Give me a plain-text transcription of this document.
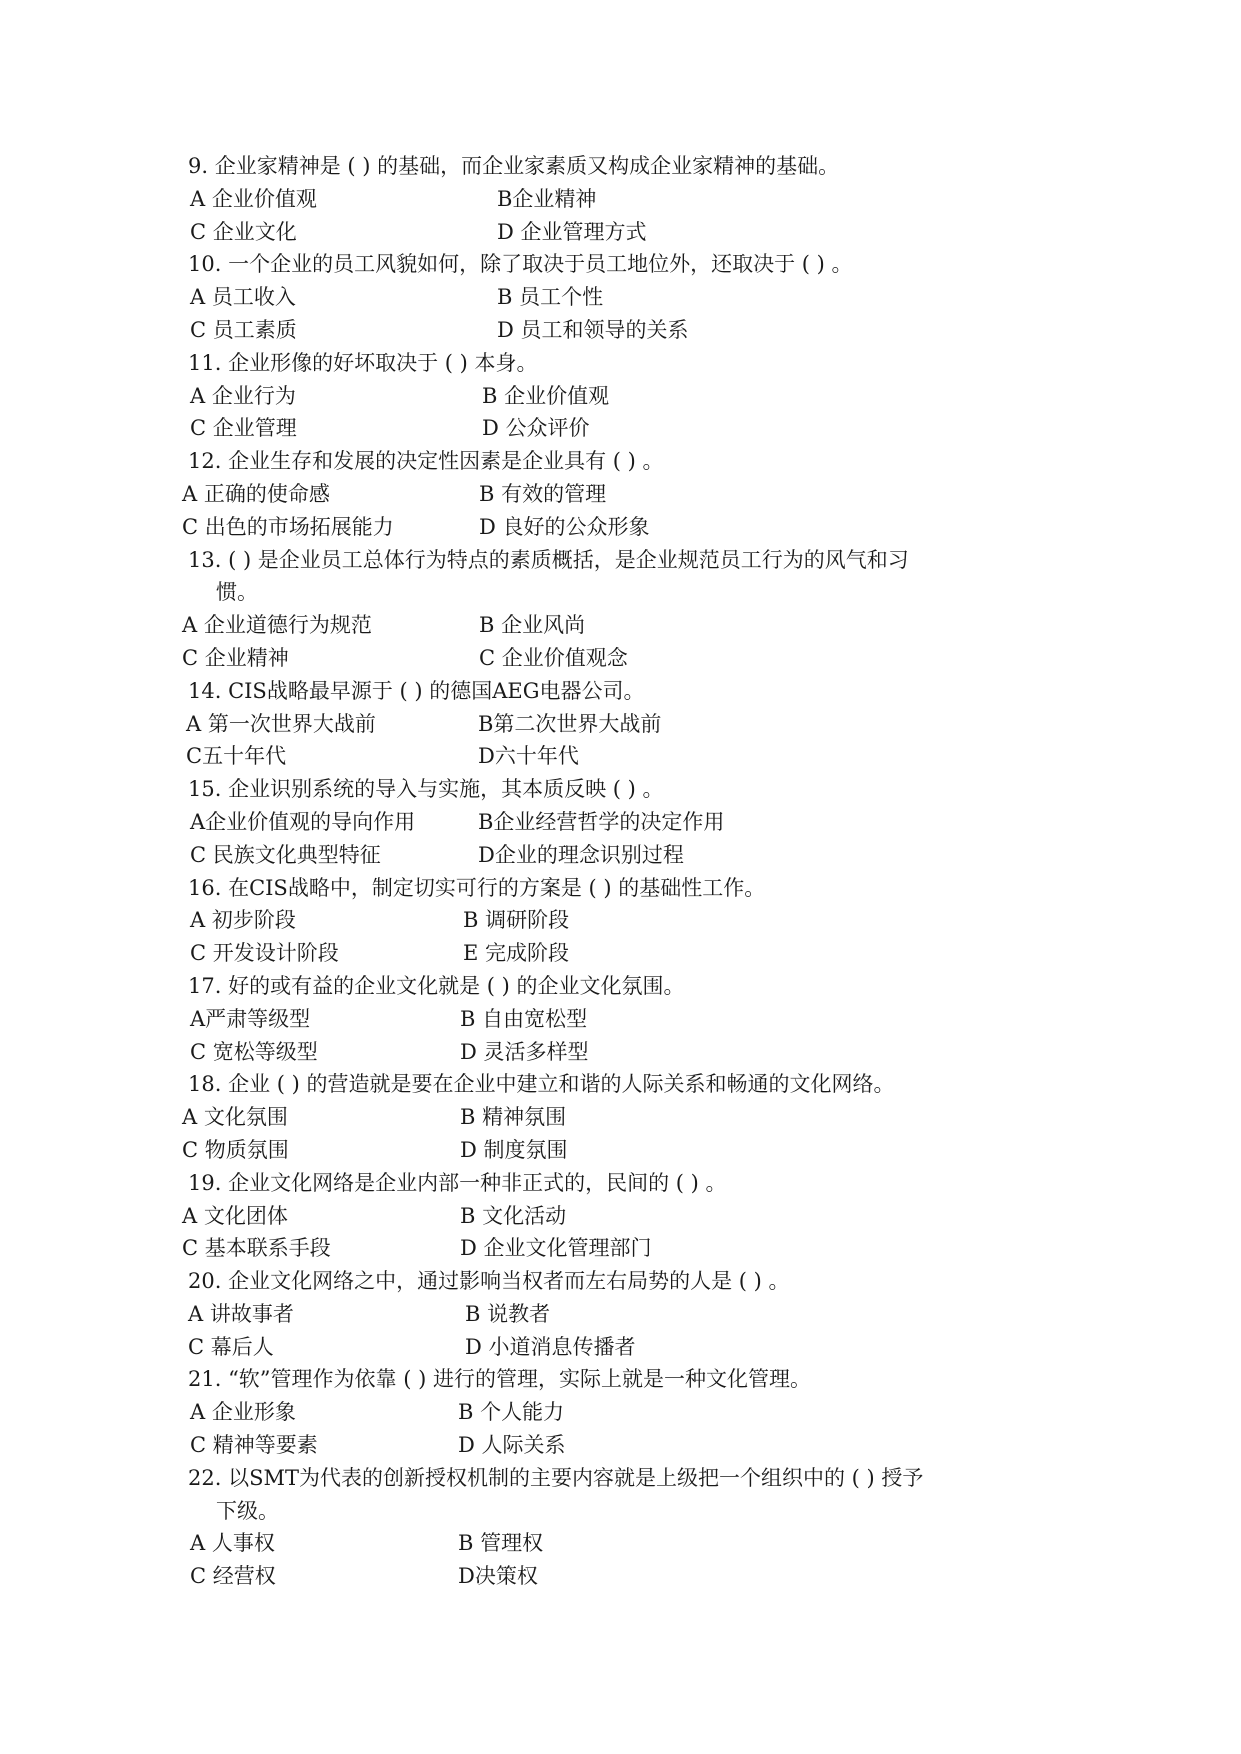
9. 企业家精神是 ( ) 的基础，而企业家素质又构成企业家精神的基础。
A 企业价值观	B企业精神
C 企业文化	D 企业管理方式
10. 一个企业的员工风貌如何，除了取决于员工地位外，还取决于 ( ) 。
A 员工收入	B 员工个性
C 员工素质	D 员工和领导的关系
11. 企业形像的好坏取决于 ( ) 本身。
A 企业行为	B 企业价值观
C 企业管理	D 公众评价
12. 企业生存和发展的决定性因素是企业具有 ( ) 。
A 正确的使命感	B 有效的管理
C 出色的市场拓展能力	D 良好的公众形象
13. ( ) 是企业员工总体行为特点的素质概括，是企业规范员工行为的风气和习
惯。
A 企业道德行为规范	B 企业风尚
C 企业精神	C 企业价值观念
14. CIS战略最早源于 ( ) 的德国AEG电器公司。
A 第一次世界大战前	B第二次世界大战前
C五十年代	D六十年代
15. 企业识别系统的导入与实施，其本质反映 ( ) 。
A企业价值观的导向作用	B企业经营哲学的决定作用
C 民族文化典型特征	D企业的理念识别过程
16. 在CIS战略中，制定切实可行的方案是 ( ) 的基础性工作。
A 初步阶段	B 调研阶段
C 开发设计阶段	E 完成阶段
17. 好的或有益的企业文化就是 ( ) 的企业文化氛围。
A严肃等级型	B 自由宽松型
C 宽松等级型	D 灵活多样型
18. 企业 ( ) 的营造就是要在企业中建立和谐的人际关系和畅通的文化网络。
A 文化氛围	B 精神氛围
C 物质氛围	D 制度氛围
19. 企业文化网络是企业内部一种非正式的，民间的 ( ) 。
A 文化团体	B 文化活动
C 基本联系手段	D 企业文化管理部门
20. 企业文化网络之中，通过影响当权者而左右局势的人是 ( ) 。
A 讲故事者	B 说教者
C 幕后人	D 小道消息传播者
21. “软”管理作为依靠 ( ) 进行的管理，实际上就是一种文化管理。
A 企业形象	B 个人能力
C 精神等要素	D 人际关系
22. 以SMT为代表的创新授权机制的主要内容就是上级把一个组织中的 ( ) 授予
下级。
A 人事权	B 管理权
C 经营权	D决策权
